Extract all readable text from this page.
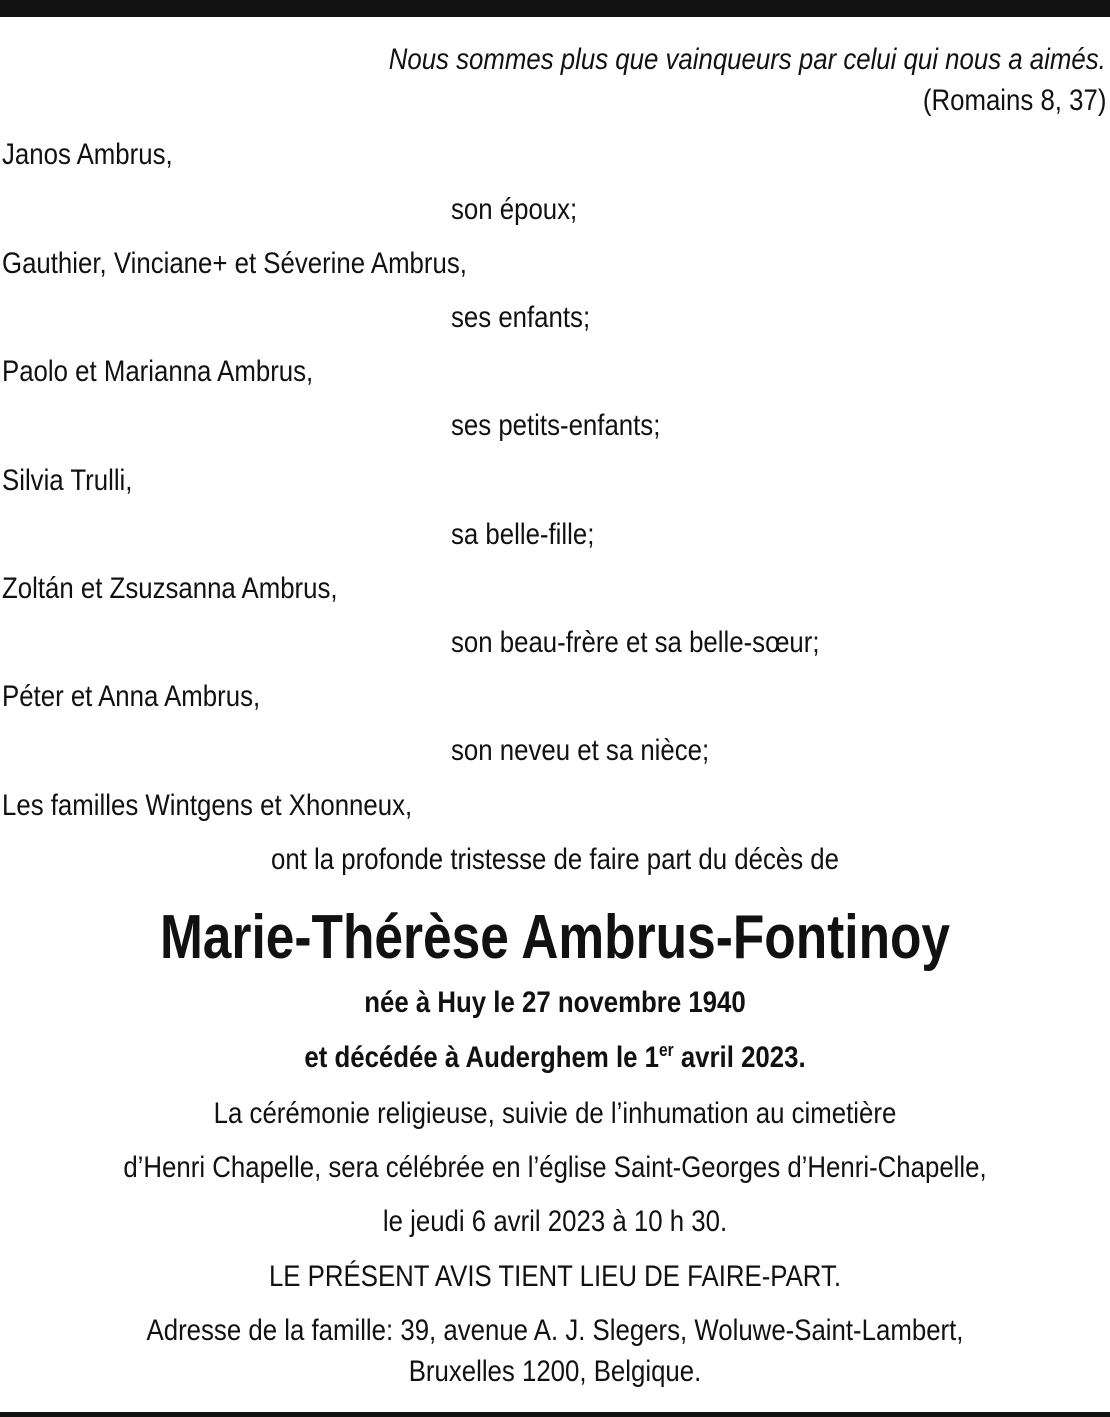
Nous sommes plus que vainqueurs par celui qui nous a aimés.
(Romains 8, 37)
Janos Ambrus,
son époux;
Gauthier, Vinciane+ et Séverine Ambrus,
ses enfants;
Paolo et Marianna Ambrus,
ses petits-enfants;
Silvia Trulli,
sa belle-fille;
Zoltán et Zsuzsanna Ambrus,
son beau-frère et sa belle-sœur;
Péter et Anna Ambrus,
son neveu et sa nièce;
Les familles Wintgens et Xhonneux,
ont la profonde tristesse de faire part du décès de
Marie-Thérèse Ambrus-Fontinoy
née à Huy le 27 novembre 1940
et décédée à Auderghem le 1er avril 2023.
La cérémonie religieuse, suivie de l’inhumation au cimetière
d’Henri Chapelle, sera célébrée en l’église Saint-Georges d’Henri-Chapelle,
le jeudi 6 avril 2023 à 10 h 30.
LE PRÉSENT AVIS TIENT LIEU DE FAIRE-PART.
Adresse de la famille: 39, avenue A. J. Slegers, Woluwe-Saint-Lambert,
Bruxelles 1200, Belgique.
